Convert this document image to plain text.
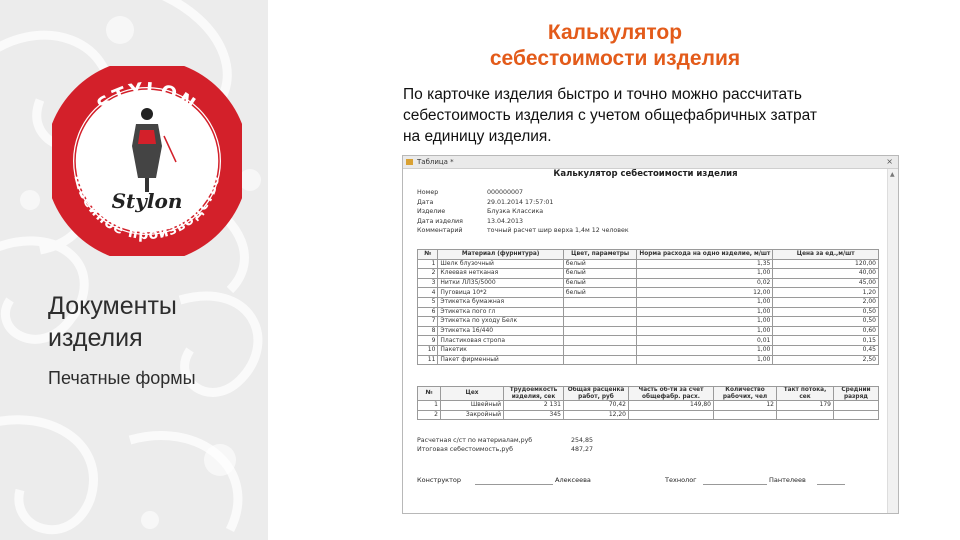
STYLON
швейное производство
Stylon
Документы
изделия
Печатные формы
Калькулятор
себестоимости изделия
По карточке изделия быстро и точно можно рассчитать
себестоимость изделия с учетом общефабричных затрат
на единицу изделия.
Таблица *	×
▲
Калькулятор себестоимости изделия
Номер	000000007
Дата	29.01.2014 17:57:01
Изделие	Блузка Классика
Дата изделия	13.04.2013
Комментарий	точный расчет шир верха 1,4м 12 человек
№	Материал (фурнитура)	Цвет, параметры	Норма расхода на одно изделие, м/шт	Цена за ед.,м/шт
1	Шелк блузочный	белый	1,35	120,00
2	Клеевая нетканая	белый	1,00	40,00
3	Нитки ЛЛ35/5000	белый	0,02	45,00
4	Пуговица 10*2	белый	12,00	1,20
5	Этикетка бумажная		1,00	2,00
6	Этикетка пого гл		1,00	0,50
7	Этикетка по уходу Белк		1,00	0,50
8	Этикетка 16/440		1,00	0,60
9	Пластиковая стропа		0,01	0,15
10	Пакетик		1,00	0,45
11	Пакет фирменный		1,00	2,50
№	Цех	Трудоемкость изделия, сек	Общая расценка работ, руб	Часть об-ти за счет общефабр. расх.	Количество рабочих, чел	Такт потока, сек	Средний разряд
1	Швейный	2 131	70,42	149,80	12	179	
2	Закройный	345	12,20				
Расчетная с/ст по материалам,руб	254,85
Итоговая себестоимость,руб	487,27
Конструктор	Алексеева	Технолог	Пантелеев
